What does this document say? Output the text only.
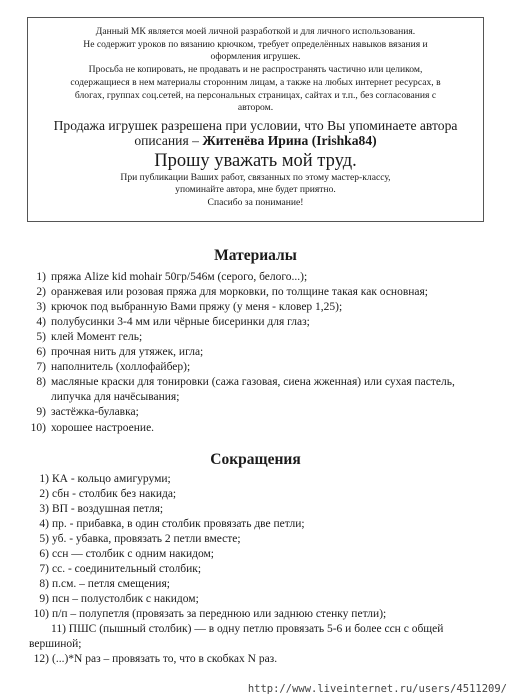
Данный МК является моей личной разработкой и для личного использования.

Не содержит уроков по вязанию крючком, требует определённых навыков вязания и

оформления игрушек.

Просьба не копировать, не продавать и не распространять частично или целиком,

содержащиеся в нем материалы сторонним лицам, а также на любых интернет ресурсах, в

блогах, группах соц.сетей, на персональных страницах, сайтах и т.п., без согласования с

автором.

Продажа игрушек разрешена при условии, что Вы упоминаете автора

описания – Житенёва Ирина (Irishka84)

Прошу уважать мой труд.

При публикации Ваших работ, связанных по этому мастер-классу,

упоминайте автора, мне будет приятно.

Спасибо за понимание!

Материалы
1) пряжа Alize kid mohair 50гр/546м (серого, белого...);
2) оранжевая или розовая пряжа для морковки, по толщине такая как основная;
3) крючок под выбранную Вами пряжу (у меня - кловер 1,25);
4) полубусинки 3-4 мм или чёрные бисеринки для глаз;
5) клей Момент гель;
6) прочная нить для утяжек, игла;
7) наполнитель (холлофайбер);
8) масляные краски для тонировки (сажа газовая, сиена жженная) или сухая пастель, липучка для начёсывания;
9) застёжка-булавка;
10) хорошее настроение.
Сокращения
1) КА - кольцо амигуруми;
2) сбн - столбик без накида;
3) ВП - воздушная петля;
4) пр. - прибавка, в один столбик провязать две петли;
5) уб. - убавка, провязать 2 петли вместе;
6) ссн — столбик с одним накидом;
7) сс. - соединительный столбик;
8) п.см. – петля смещения;
9) псн – полустолбик с накидом;
10) п/п – полупетля (провязать за переднюю или заднюю стенку петли);
11) ПШС (пышный столбик) — в одну петлю провязать 5-6 и более ссн с общей вершиной;
12) (...)*N раз – провязать то, что в скобках N раз.
http://www.liveinternet.ru/users/4511209/
